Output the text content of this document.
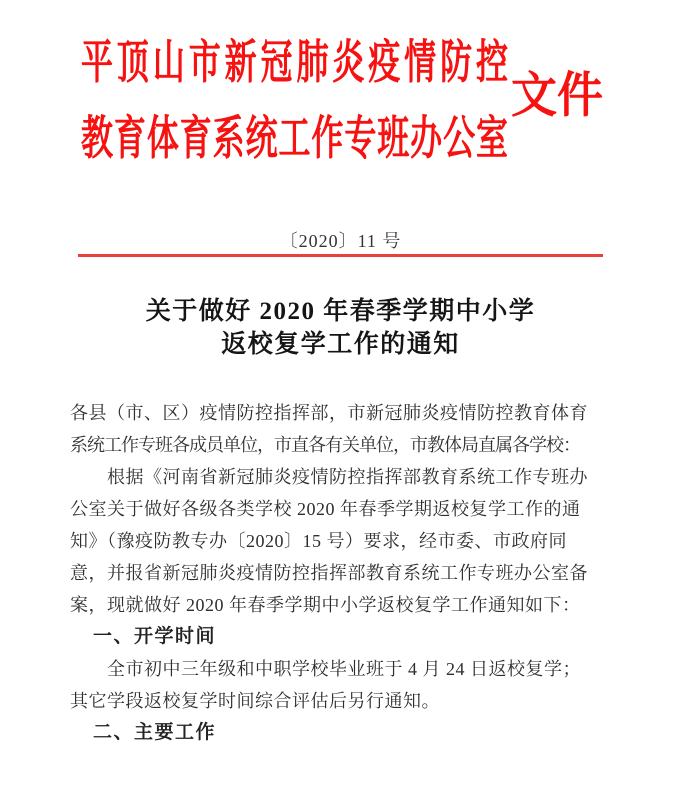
平顶山市新冠肺炎疫情防控
教育体育系统工作专班办公室
文件
〔2020〕11 号
关于做好 2020 年春季学期中小学
返校复学工作的通知
各县（市、区）疫情防控指挥部，市新冠肺炎疫情防控教育体育
系统工作专班各成员单位，市直各有关单位，市教体局直属各学校：
根据《河南省新冠肺炎疫情防控指挥部教育系统工作专班办
公室关于做好各级各类学校 2020 年春季学期返校复学工作的通
知》（豫疫防教专办〔2020〕15 号）要求，经市委、市政府同
意，并报省新冠肺炎疫情防控指挥部教育系统工作专班办公室备
案，现就做好 2020 年春季学期中小学返校复学工作通知如下：
一、开学时间
全市初中三年级和中职学校毕业班于 4 月 24 日返校复学；
其它学段返校复学时间综合评估后另行通知。
二、主要工作
